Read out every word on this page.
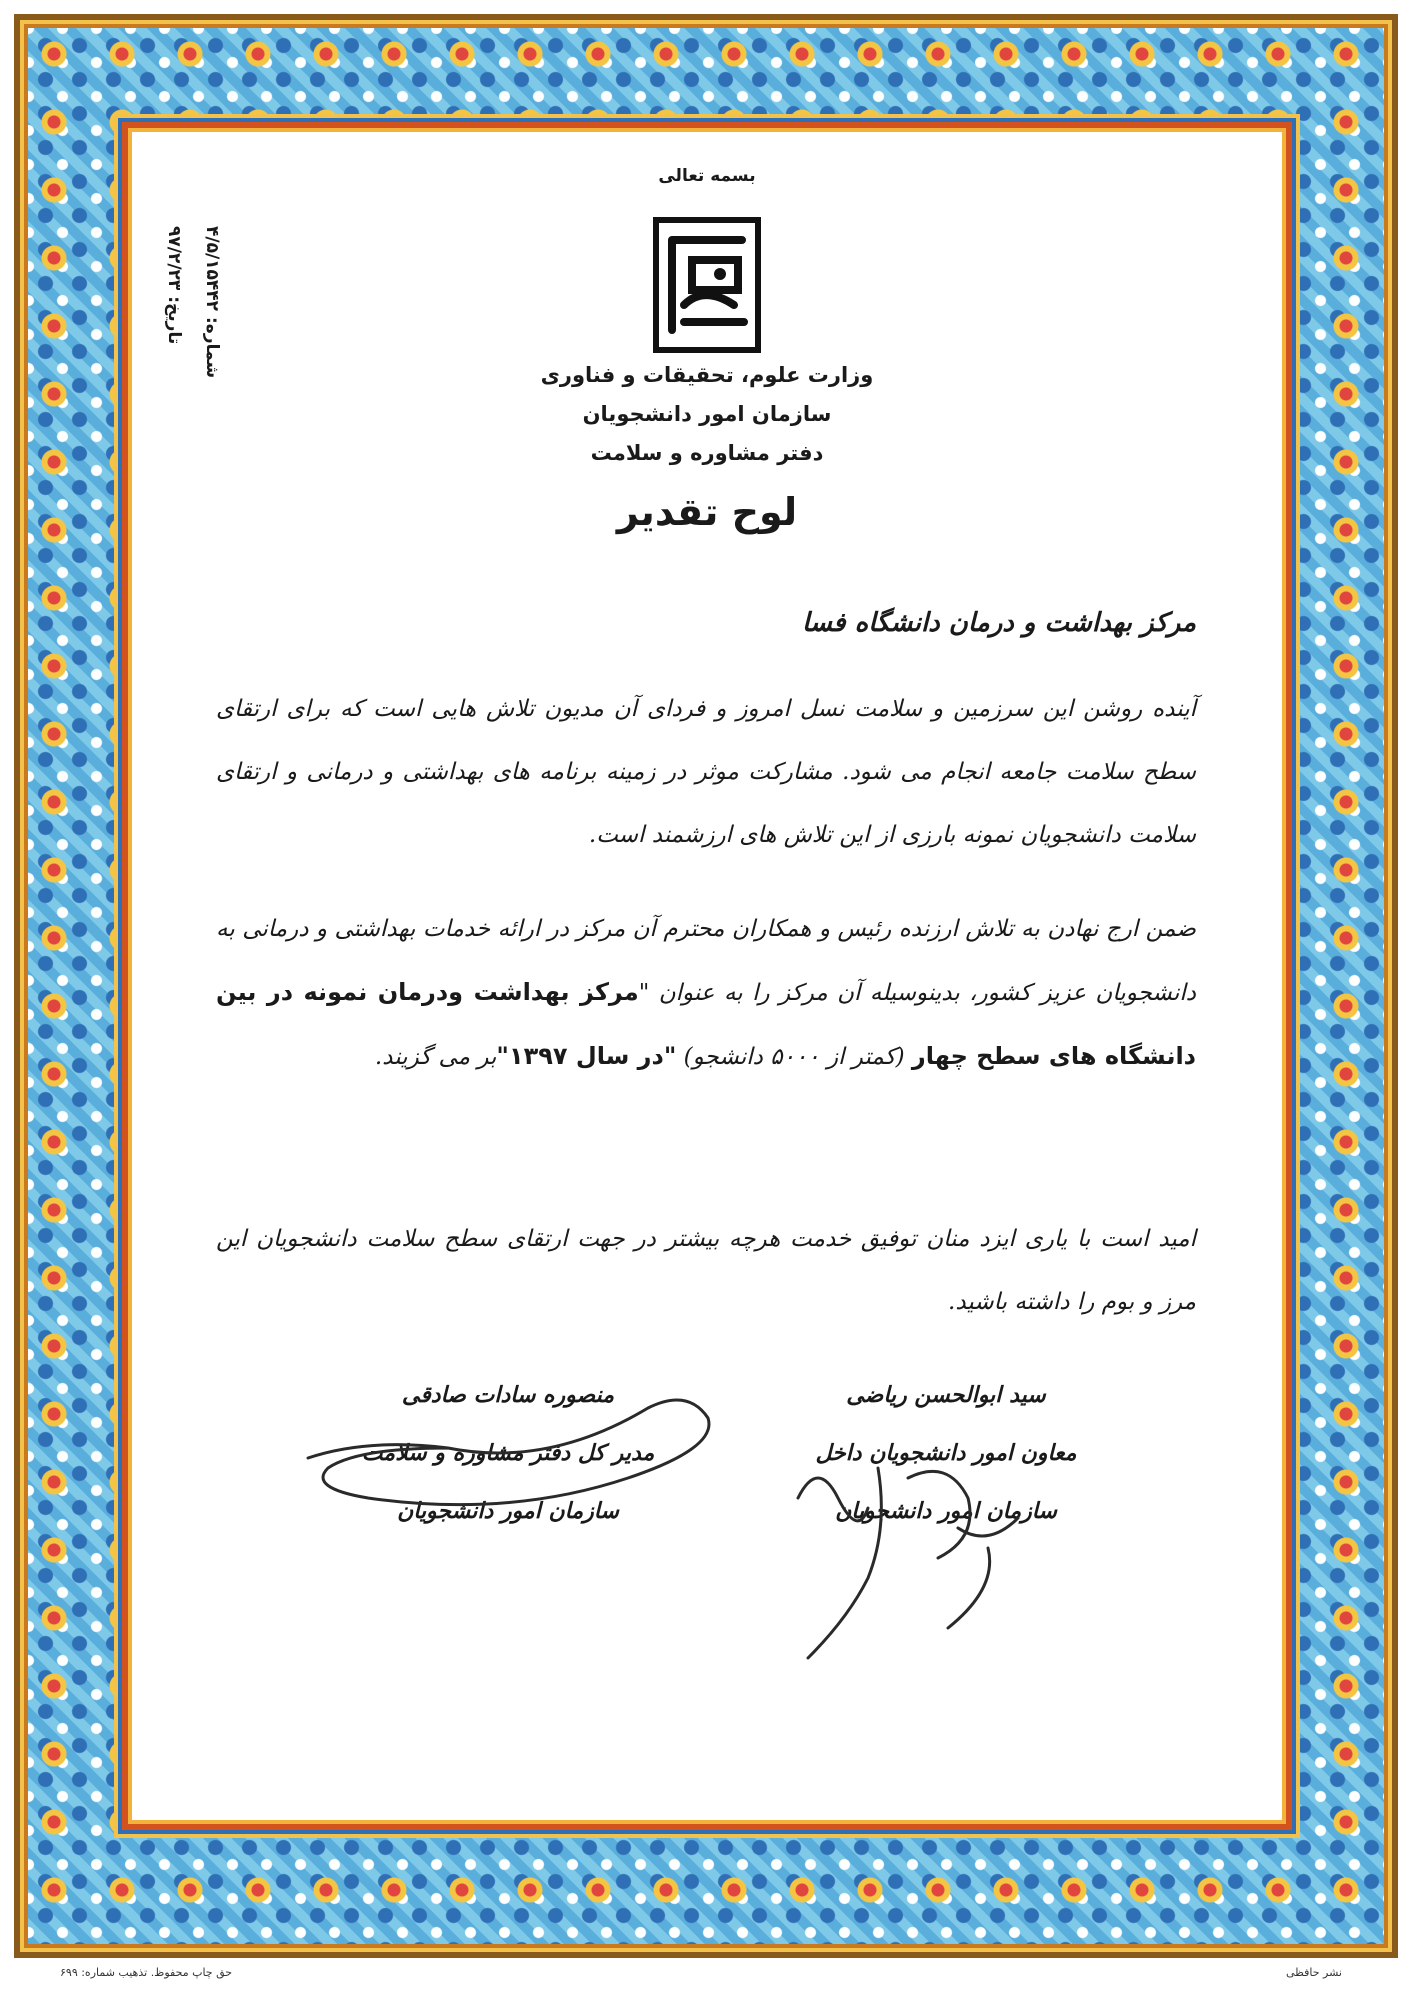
بسمه تعالی
شماره: ۴/۵/۱۵۴۴۲
تاریخ: ۹۷/۲/۲۳
وزارت علوم، تحقیقات و فناوری
سازمان امور دانشجویان
دفتر مشاوره و سلامت
لوح تقدیر
مرکز بهداشت و درمان دانشگاه فسا
آینده روشن این سرزمین و سلامت نسل امروز و فردای آن مدیون تلاش هایی است که برای ارتقای سطح سلامت جامعه انجام می شود. مشارکت موثر در زمینه برنامه های بهداشتی و درمانی و ارتقای سلامت دانشجویان نمونه بارزی از این تلاش های ارزشمند است.
ضمن ارج نهادن به تلاش ارزنده رئیس و همکاران محترم آن مرکز در ارائه خدمات بهداشتی و درمانی به دانشجویان عزیز کشور، بدینوسیله آن مرکز را به عنوان "مرکز بهداشت ودرمان نمونه در بین دانشگاه های سطح چهار (کمتر از ۵۰۰۰ دانشجو) "در سال ۱۳۹۷"بر می گزیند.
امید است با یاری ایزد منان توفیق خدمت هرچه بیشتر در جهت ارتقای سطح سلامت دانشجویان این مرز و بوم را داشته باشید.
سید ابوالحسن ریاضی
معاون امور دانشجویان داخل
سازمان امور دانشجویان
منصوره سادات صادقی
مدیر کل دفتر مشاوره و سلامت
سازمان امور دانشجویان
حق چاپ محفوظ. تذهیب شماره: ۶۹۹	نشر حافظی
